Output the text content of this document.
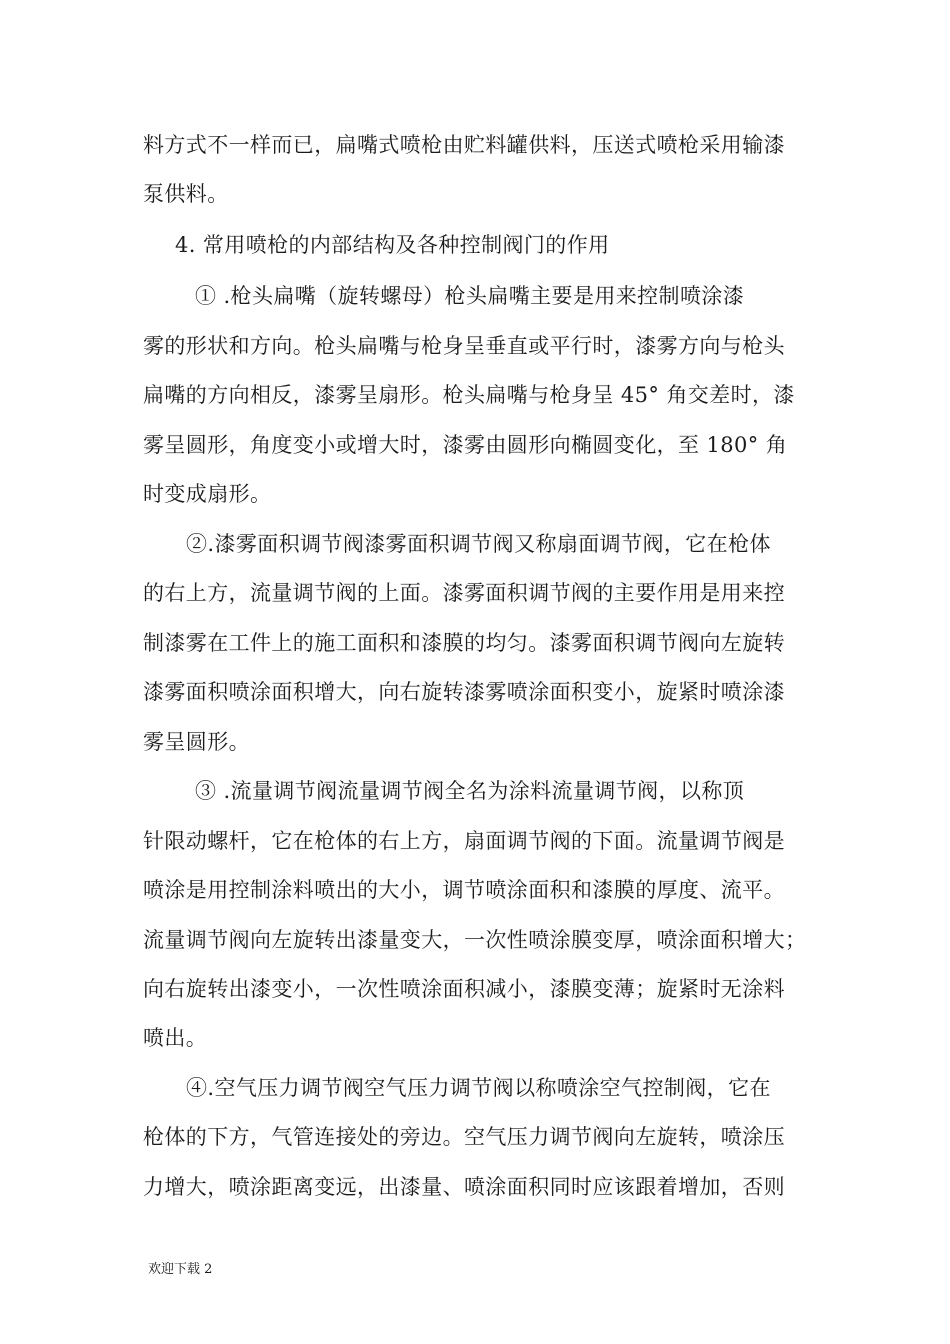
料方式不一样而已，扁嘴式喷枪由贮料罐供料，压送式喷枪采用输漆
泵供料。
4. 常用喷枪的内部结构及各种控制阀门的作用
① .枪头扁嘴（旋转螺母）枪头扁嘴主要是用来控制喷涂漆
雾的形状和方向。枪头扁嘴与枪身呈垂直或平行时，漆雾方向与枪头
扁嘴的方向相反，漆雾呈扇形。枪头扁嘴与枪身呈 45° 角交差时，漆
雾呈圆形，角度变小或增大时，漆雾由圆形向椭圆变化，至 180° 角
时变成扇形。
②.漆雾面积调节阀漆雾面积调节阀又称扇面调节阀，它在枪体
的右上方，流量调节阀的上面。漆雾面积调节阀的主要作用是用来控
制漆雾在工件上的施工面积和漆膜的均匀。漆雾面积调节阀向左旋转
漆雾面积喷涂面积增大，向右旋转漆雾喷涂面积变小，旋紧时喷涂漆
雾呈圆形。
③ .流量调节阀流量调节阀全名为涂料流量调节阀，以称顶
针限动螺杆，它在枪体的右上方，扇面调节阀的下面。流量调节阀是
喷涂是用控制涂料喷出的大小，调节喷涂面积和漆膜的厚度、流平。
流量调节阀向左旋转出漆量变大，一次性喷涂膜变厚，喷涂面积增大；
向右旋转出漆变小，一次性喷涂面积减小，漆膜变薄；旋紧时无涂料
喷出。
④.空气压力调节阀空气压力调节阀以称喷涂空气控制阀，它在
枪体的下方，气管连接处的旁边。空气压力调节阀向左旋转，喷涂压
力增大，喷涂距离变远，出漆量、喷涂面积同时应该跟着增加，否则
欢迎下载 2
